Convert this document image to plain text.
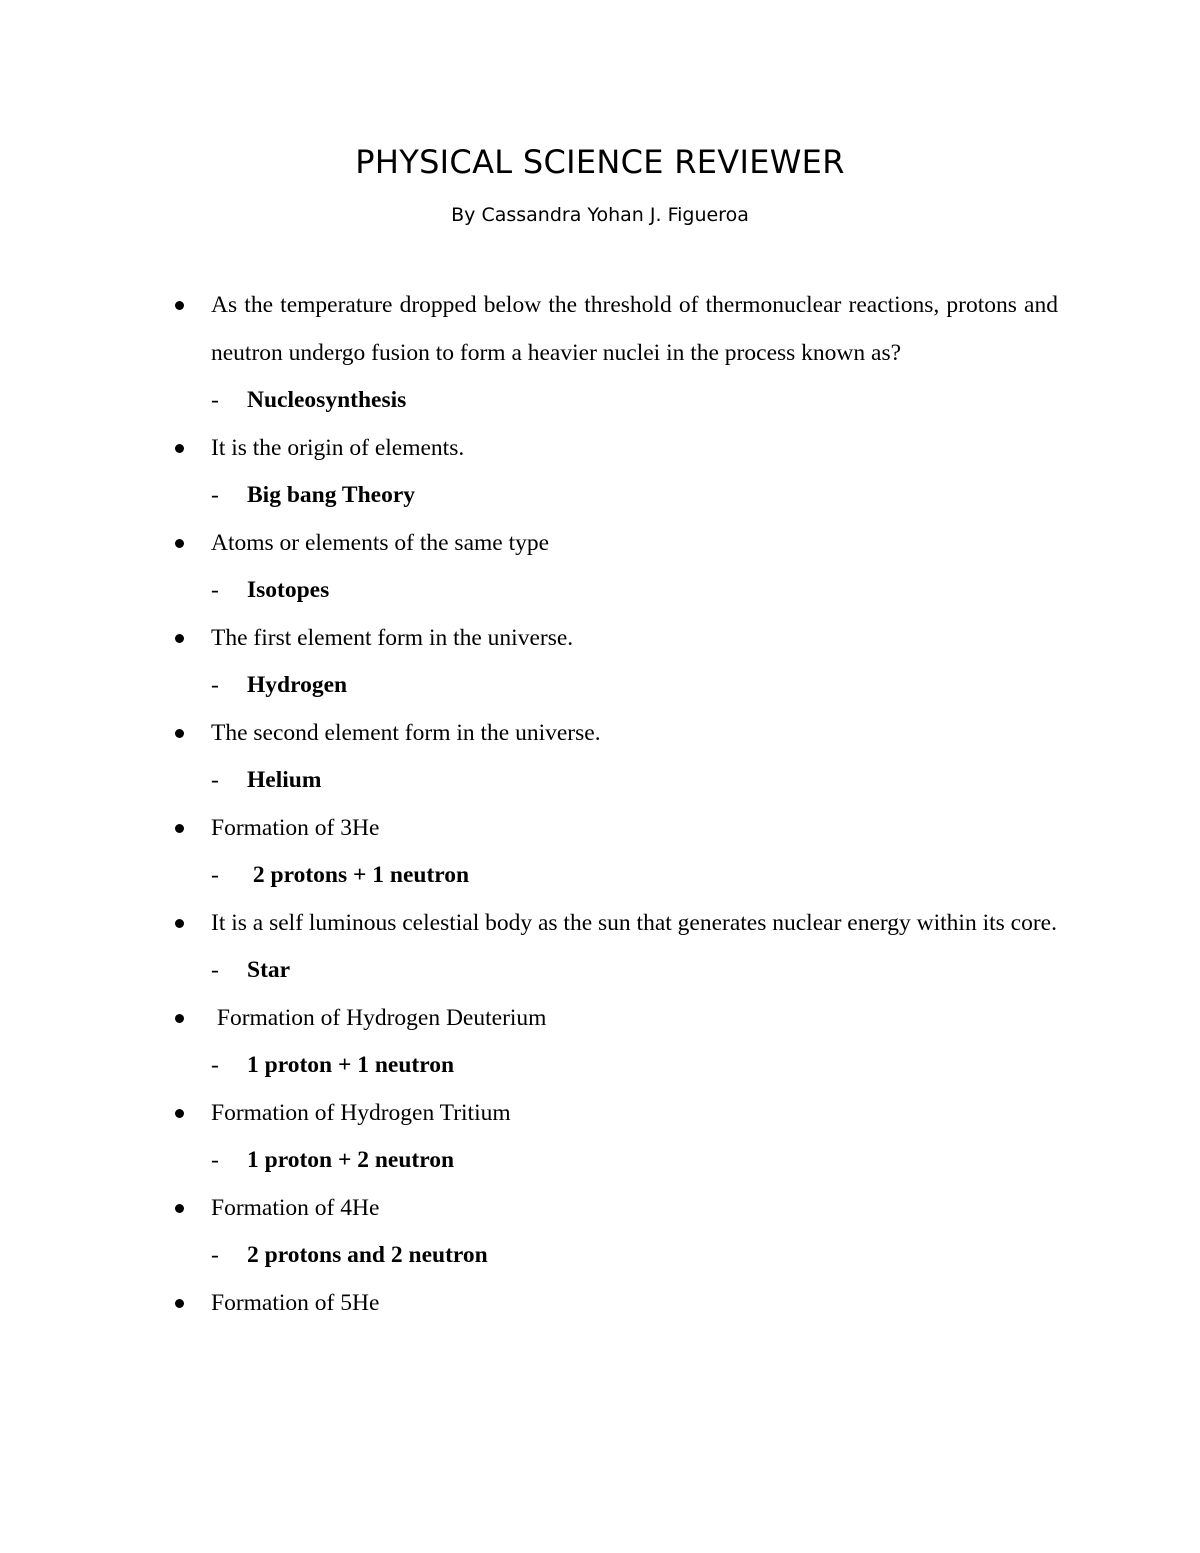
PHYSICAL SCIENCE REVIEWER
By Cassandra Yohan J. Figueroa
As the temperature dropped below the threshold of thermonuclear reactions, protons and neutron undergo fusion to form a heavier nuclei in the process known as?
- Nucleosynthesis
It is the origin of elements.
- Big bang Theory
Atoms or elements of the same type
- Isotopes
The first element form in the universe.
- Hydrogen
The second element form in the universe.
- Helium
Formation of 3He
- 2 protons + 1 neutron
It is a self luminous celestial body as the sun that generates nuclear energy within its core.
- Star
Formation of Hydrogen Deuterium
- 1 proton + 1 neutron
Formation of Hydrogen Tritium
- 1 proton + 2 neutron
Formation of 4He
- 2 protons and 2 neutron
Formation of 5He
